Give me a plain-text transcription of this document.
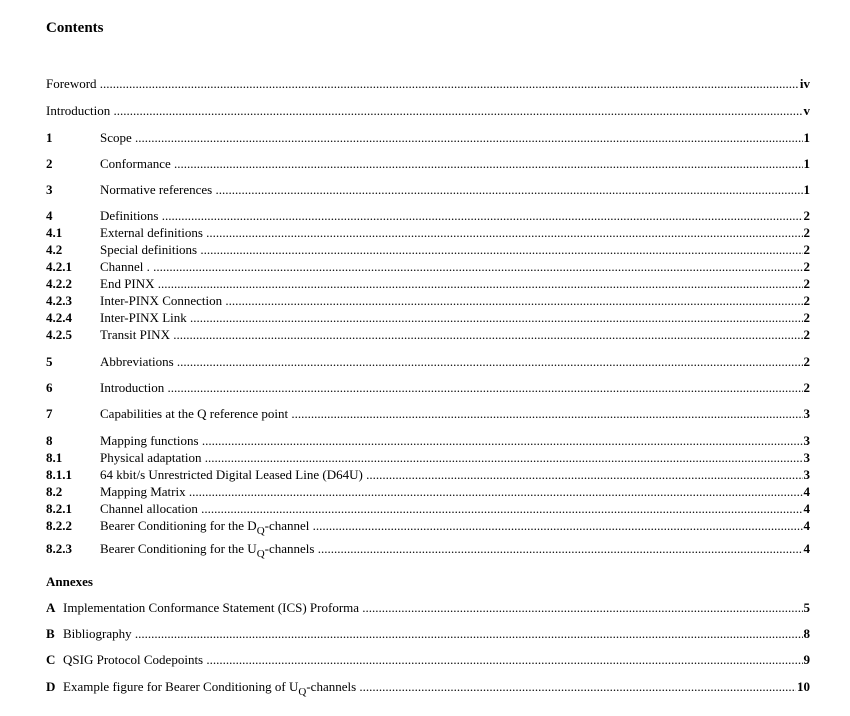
Contents
Foreword .....	iv
Introduction .....	v
1	Scope .....	1
2	Conformance .....	1
3	Normative references .....	1
4	Definitions .....	2
4.1	External definitions .....	2
4.2	Special definitions .....	2
4.2.1 Channel . .....	2
4.2.2 End PINX .....	2
4.2.3 Inter-PINX Connection .....	2
4.2.4 Inter-PINX Link .....	2
4.2.5 Transit PINX .....	2
5	Abbreviations .....	2
6	Introduction .....	2
7	Capabilities at the Q reference point .....	3
8	Mapping functions .....	3
8.1	Physical adaptation .....	3
8.1.1 64 kbit/s Unrestricted Digital Leased Line (D64U) .....	3
8.2	Mapping Matrix .....	4
8.2.1 Channel allocation .....	4
8.2.2 Bearer Conditioning for the $D_Q$-channel .....	4
8.2.3 Bearer Conditioning for the $U_Q$-channels .....	4
Annexes
A Implementation Conformance Statement (ICS) Proforma .....	5
B Bibliography .....	8
C QSIG Protocol Codepoints .....	9
D Example figure for Bearer Conditioning of $U_Q$-channels .....	10
